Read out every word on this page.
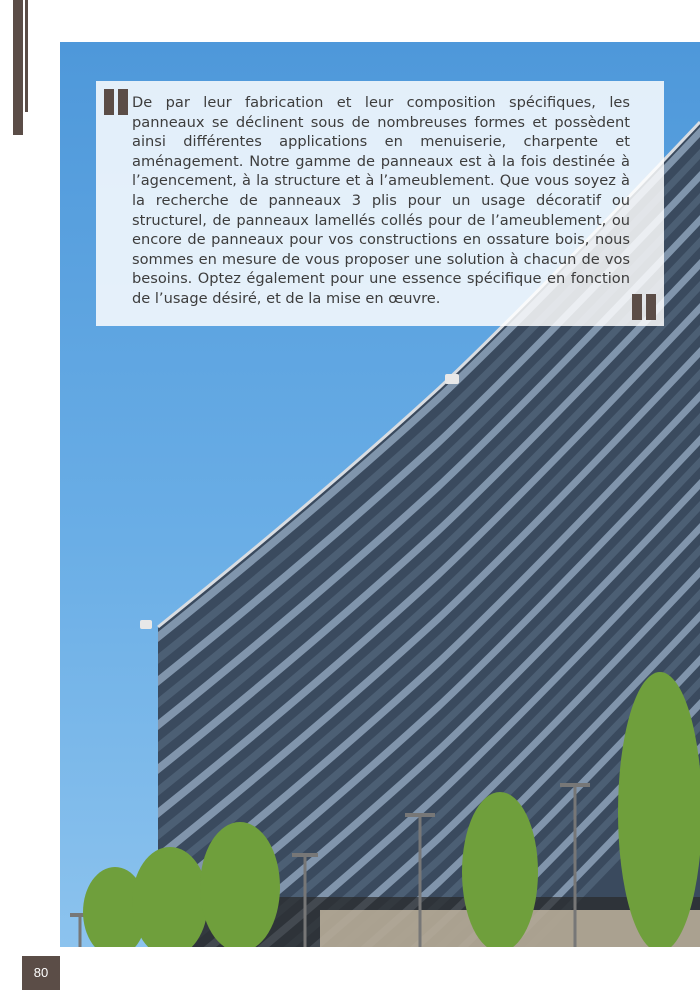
De par leur fabrication et leur composition spécifiques, les panneaux se déclinent sous de nombreuses formes et possèdent ainsi différentes applications en menuiserie, charpente et aménagement. Notre gamme de panneaux est à la fois destinée à l’agencement, à la structure et à l’ameublement. Que vous soyez à la recherche de panneaux 3 plis pour un usage décoratif ou structurel, de panneaux lamellés collés pour de l’ameublement, ou encore de panneaux pour vos constructions en ossature bois, nous sommes en mesure de vous proposer une solution à chacun de vos besoins. Optez également pour une essence spécifique en fonction de l’usage désiré, et de la mise en œuvre.

80
